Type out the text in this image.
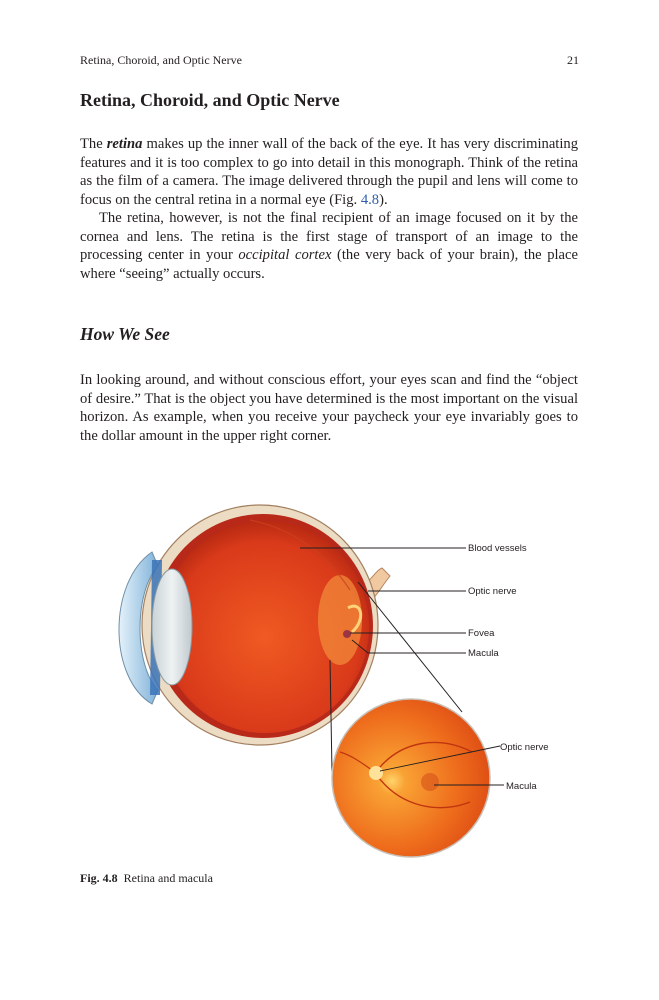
Retina, Choroid, and Optic Nerve	21
Retina, Choroid, and Optic Nerve

The retina makes up the inner wall of the back of the eye. It has very discriminating features and it is too complex to go into detail in this monograph. Think of the retina as the film of a camera. The image delivered through the pupil and lens will come to focus on the central retina in a normal eye (Fig. 4.8).

The retina, however, is not the final recipient of an image focused on it by the cornea and lens. The retina is the first stage of transport of an image to the processing center in your occipital cortex (the very back of your brain), the place where “seeing” actually occurs.

How We See

In looking around, and without conscious effort, your eyes scan and find the “object of desire.” That is the object you have determined is the most important on the visual horizon. As example, when you receive your paycheck your eye invariably goes to the dollar amount in the upper right corner.

Blood vessels
Optic nerve
Fovea
Macula
Optic nerve
Macula
Fig. 4.8 Retina and macula
